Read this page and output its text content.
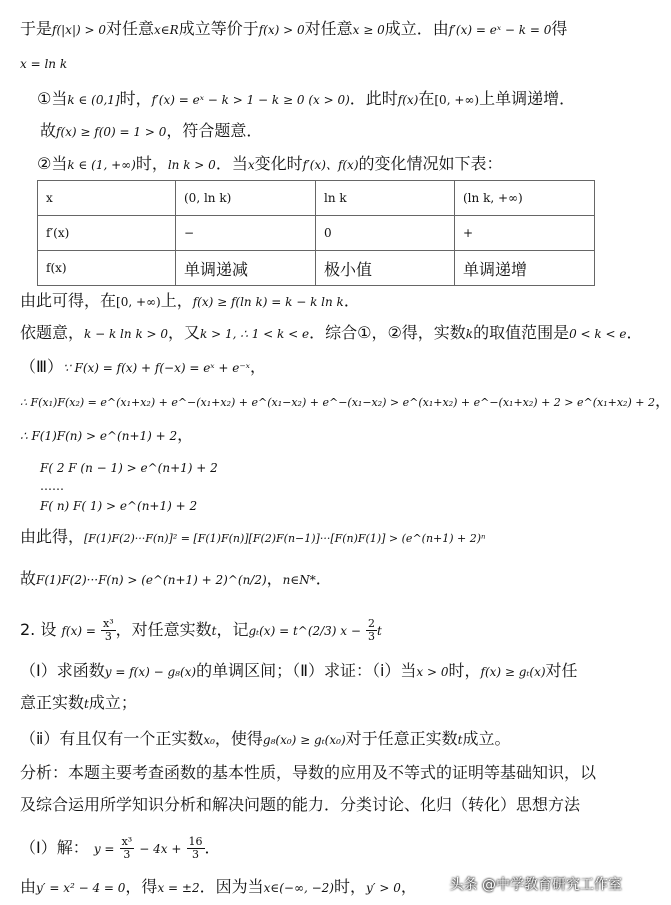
于是f(|x|) > 0对任意x∈R成立等价于f(x) > 0对任意x ≥ 0成立．由f′(x) = eˣ − k = 0得
x = ln k
①当k ∈ (0,1]时，f′(x) = eˣ − k > 1 − k ≥ 0 (x > 0)．此时f(x)在[0, +∞)上单调递增．
故f(x) ≥ f(0) = 1 > 0，符合题意．
②当k ∈ (1, +∞)时，ln k > 0．当x变化时f′(x)、f(x)的变化情况如下表：
x	(0, ln k)	ln k	(ln k, +∞)
f′(x)	−	0	+
f(x)	单调递减	极小值	单调递增
由此可得，在[0, +∞)上，f(x) ≥ f(ln k) = k − k ln k．
依题意，k − k ln k > 0，又k > 1, ∴ 1 < k < e．综合①，②得，实数k的取值范围是0 < k < e．
（Ⅲ）∵ F(x) = f(x) + f(−x) = eˣ + e⁻ˣ，
∴ F(x₁)F(x₂) = e^(x₁+x₂) + e^−(x₁+x₂) + e^(x₁−x₂) + e^−(x₁−x₂) > e^(x₁+x₂) + e^−(x₁+x₂) + 2 > e^(x₁+x₂) + 2，
∴ F(1)F(n) > e^(n+1) + 2，
F( 2 F (n − 1) > e^(n+1) + 2
……
F( n) F( 1) > e^(n+1) + 2
由此得，[F(1)F(2)···F(n)]² = [F(1)F(n)][F(2)F(n−1)]···[F(n)F(1)] > (e^(n+1) + 2)ⁿ
故F(1)F(2)···F(n) > (e^(n+1) + 2)^(n/2)，n∈N*．
2. 设 $f(x) = \frac{\text{x³}}{3}$ ，对任意实数t，记gₜ(x) = t^(2/3) $x - \frac{2}{3}$ t
（Ⅰ）求函数y = f(x) − g₈(x)的单调区间；（Ⅱ）求证：（ⅰ）当x > 0时，f(x) ≥ gₜ(x)对任
意正实数t成立；
（ⅱ）有且仅有一个正实数x₀，使得g₈(x₀) ≥ gₜ(x₀)对于任意正实数t成立。
分析：本题主要考查函数的基本性质，导数的应用及不等式的证明等基础知识，以
及综合运用所学知识分析和解决问题的能力．分类讨论、化归（转化）思想方法
（Ⅰ）解： $y = \frac{\text{x³}}{3} - 4x + \frac{16}{3}$ ．
由y′ = x² − 4 = 0，得x = ±2．因为当x∈(−∞, −2)时，y′ > 0， 头条 @中学教育研究工作室
